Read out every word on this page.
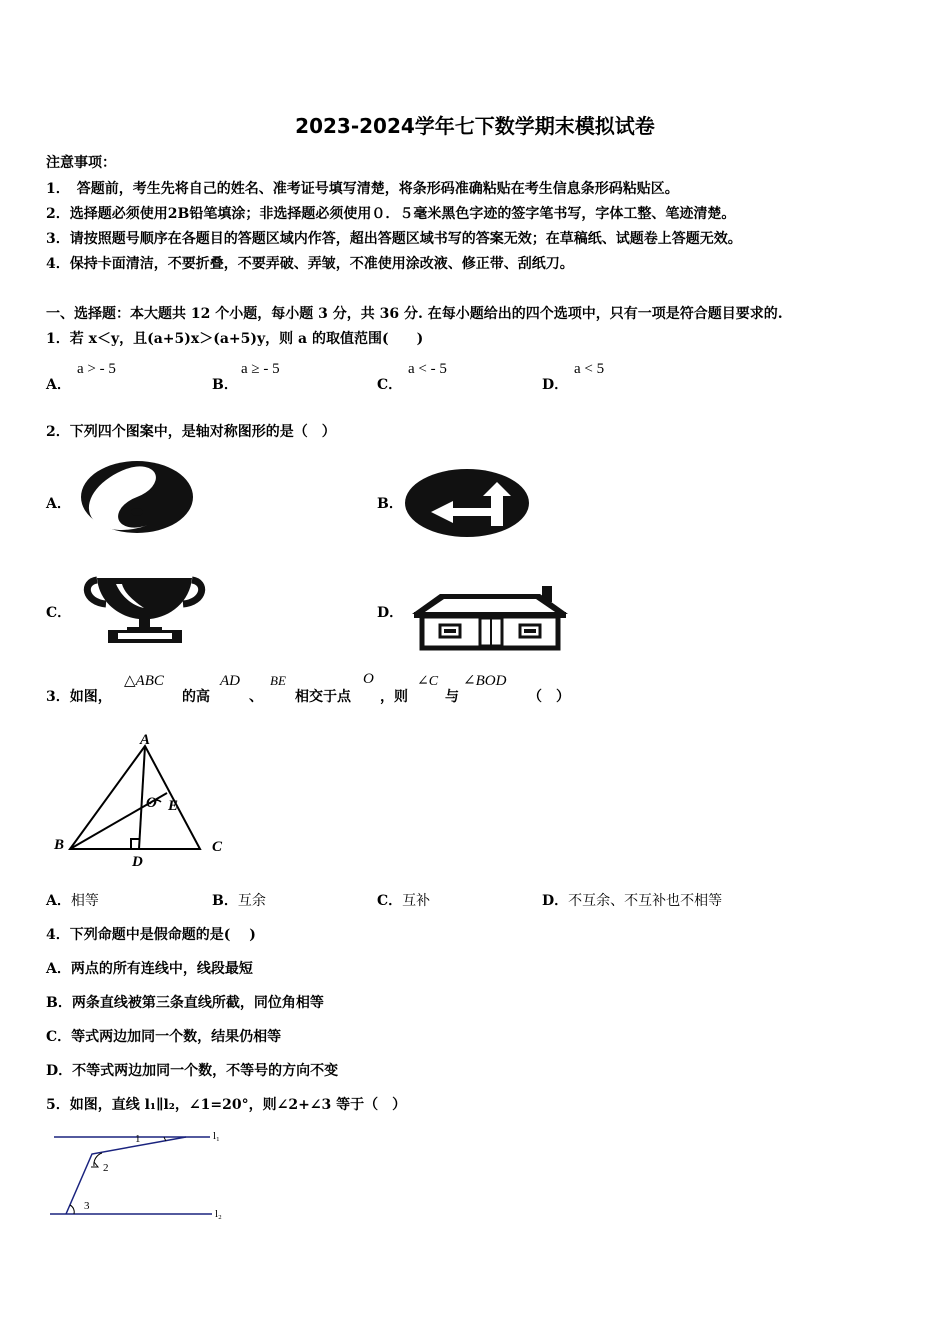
2023-2024学年七下数学期末模拟试卷
注意事项：
1．　答题前，考生先将自己的姓名、准考证号填写清楚，将条形码准确粘贴在考生信息条形码粘贴区。
2．选择题必须使用2B铅笔填涂；非选择题必须使用０．５毫米黑色字迹的签字笔书写，字体工整、笔迹清楚。
3．请按照题号顺序在各题目的答题区域内作答，超出答题区域书写的答案无效；在草稿纸、试题卷上答题无效。
4．保持卡面清洁，不要折叠，不要弄破、弄皱，不准使用涂改液、修正带、刮纸刀。
一、选择题：本大题共 12 个小题，每小题 3 分，共 36 分. 在每小题给出的四个选项中，只有一项是符合题目要求的.
1．若 x＜y，且(a+5)x＞(a+5)y，则 a 的取值范围(　　)
A．
a > - 5
B．
a ≥ - 5
C．
a < - 5
D．
a < 5
2．下列四个图案中，是轴对称图形的是（　）
A．	B．
C．	D．
3．如图，
△ABC
的高
AD
、
BE
相交于点
O
，则
∠C
与
∠BOD
（　）
A
E
O
B	C
D
A．相等	B．互余	C．互补	D．不互余、不互补也不相等
4．下列命题中是假命题的是(　 )
A．两点的所有连线中，线段最短
B．两条直线被第三条直线所截，同位角相等
C．等式两边加同一个数，结果仍相等
D．不等式两边加同一个数，不等号的方向不变
5．如图，直线 l₁∥l₂，∠1=20°，则∠2+∠3 等于（　）
l₁
l₂
1
2
3
